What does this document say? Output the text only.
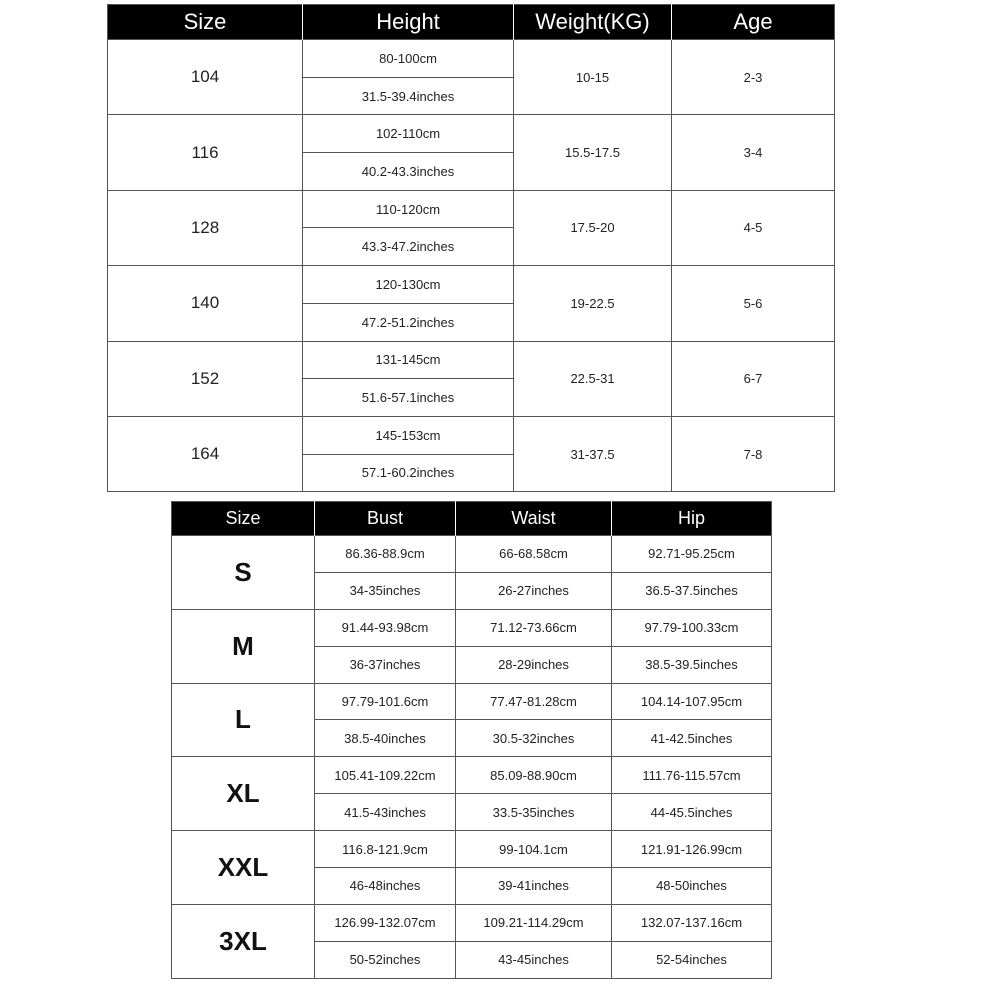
Size	Height	Weight(KG)	Age
104	80-100cm	10-15	2-3
	31.5-39.4inches		
116	102-110cm	15.5-17.5	3-4
	40.2-43.3inches		
128	110-120cm	17.5-20	4-5
	43.3-47.2inches		
140	120-130cm	19-22.5	5-6
	47.2-51.2inches		
152	131-145cm	22.5-31	6-7
	51.6-57.1inches		
164	145-153cm	31-37.5	7-8
	57.1-60.2inches		
Size	Bust	Waist	Hip
S	86.36-88.9cm	66-68.58cm	92.71-95.25cm
	34-35inches	26-27inches	36.5-37.5inches
M	91.44-93.98cm	71.12-73.66cm	97.79-100.33cm
	36-37inches	28-29inches	38.5-39.5inches
L	97.79-101.6cm	77.47-81.28cm	104.14-107.95cm
	38.5-40inches	30.5-32inches	41-42.5inches
XL	105.41-109.22cm	85.09-88.90cm	111.76-115.57cm
	41.5-43inches	33.5-35inches	44-45.5inches
XXL	116.8-121.9cm	99-104.1cm	121.91-126.99cm
	46-48inches	39-41inches	48-50inches
3XL	126.99-132.07cm	109.21-114.29cm	132.07-137.16cm
	50-52inches	43-45inches	52-54inches
